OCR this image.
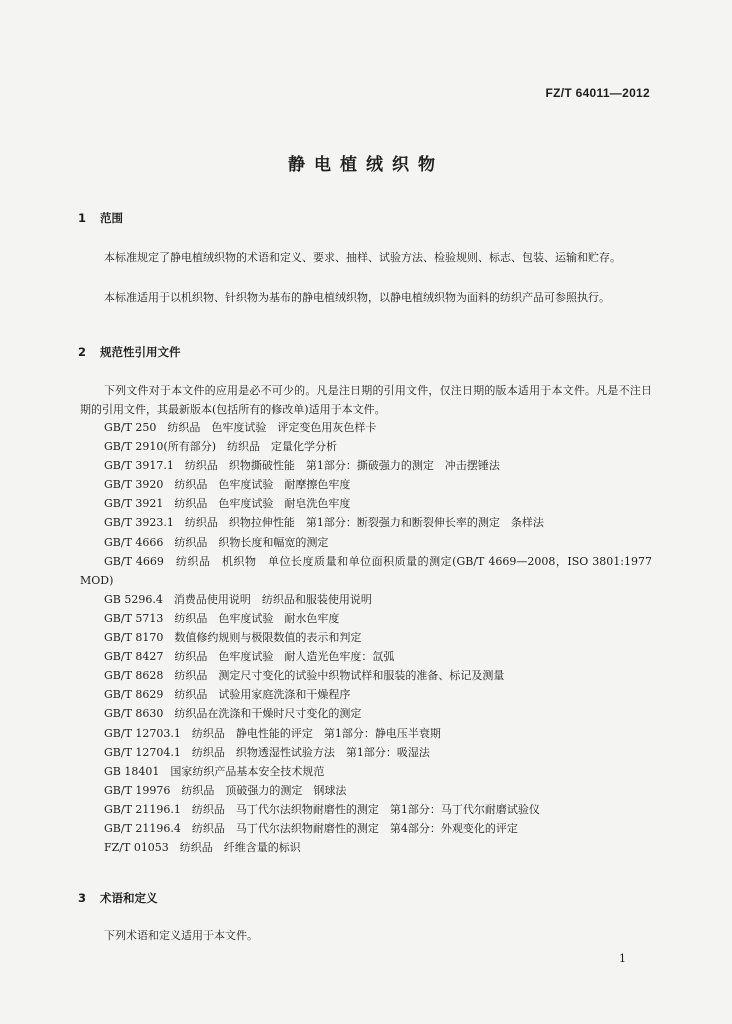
FZ/T 64011—2012
静电植绒织物
1 范围
本标准规定了静电植绒织物的术语和定义、要求、抽样、试验方法、检验规则、标志、包装、运输和贮存。
本标准适用于以机织物、针织物为基布的静电植绒织物，以静电植绒织物为面料的纺织产品可参照执行。
2 规范性引用文件
下列文件对于本文件的应用是必不可少的。凡是注日期的引用文件，仅注日期的版本适用于本文件。凡是不注日期的引用文件，其最新版本(包括所有的修改单)适用于本文件。
GB/T 250　纺织品　色牢度试验　评定变色用灰色样卡
GB/T 2910(所有部分)　纺织品　定量化学分析
GB/T 3917.1　纺织品　织物撕破性能　第1部分：撕破强力的测定　冲击摆锤法
GB/T 3920　纺织品　色牢度试验　耐摩擦色牢度
GB/T 3921　纺织品　色牢度试验　耐皂洗色牢度
GB/T 3923.1　纺织品　织物拉伸性能　第1部分：断裂强力和断裂伸长率的测定　条样法
GB/T 4666　纺织品　织物长度和幅宽的测定
GB/T 4669　纺织品　机织物　单位长度质量和单位面积质量的测定(GB/T 4669—2008，ISO 3801:1977 MOD)
GB 5296.4　消费品使用说明　纺织品和服装使用说明
GB/T 5713　纺织品　色牢度试验　耐水色牢度
GB/T 8170　数值修约规则与极限数值的表示和判定
GB/T 8427　纺织品　色牢度试验　耐人造光色牢度：氙弧
GB/T 8628　纺织品　测定尺寸变化的试验中织物试样和服装的准备、标记及测量
GB/T 8629　纺织品　试验用家庭洗涤和干燥程序
GB/T 8630　纺织品在洗涤和干燥时尺寸变化的测定
GB/T 12703.1　纺织品　静电性能的评定　第1部分：静电压半衰期
GB/T 12704.1　纺织品　织物透湿性试验方法　第1部分：吸湿法
GB 18401　国家纺织产品基本安全技术规范
GB/T 19976　纺织品　顶破强力的测定　钢球法
GB/T 21196.1　纺织品　马丁代尔法织物耐磨性的测定　第1部分：马丁代尔耐磨试验仪
GB/T 21196.4　纺织品　马丁代尔法织物耐磨性的测定　第4部分：外观变化的评定
FZ/T 01053　纺织品　纤维含量的标识
3 术语和定义
下列术语和定义适用于本文件。
1
